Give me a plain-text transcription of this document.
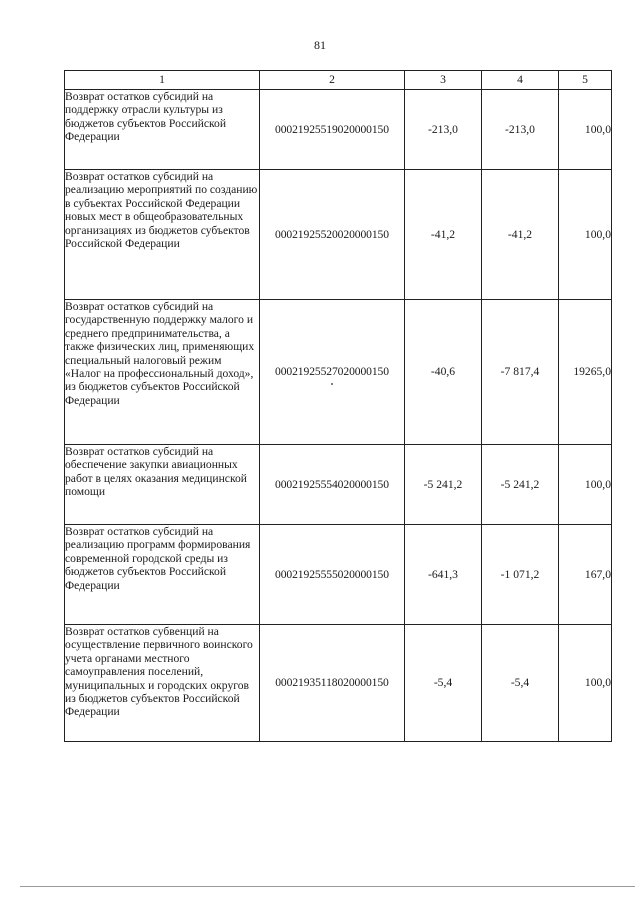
81
1	2	3	4	5
Возврат остатков субсидий на поддержку отрасли культуры из бюджетов субъектов Российской Федерации	00021925519020000150	-213,0	-213,0	100,0
Возврат остатков субсидий на реализацию мероприятий по созданию в субъектах Российской Федерации новых мест в общеобразовательных организациях из бюджетов субъектов Российской Федерации	00021925520020000150	-41,2	-41,2	100,0
Возврат остатков субсидий на государственную поддержку малого и среднего предпринимательства, а также физических лиц, применяющих специальный налоговый режим «Налог на профессиональный доход», из бюджетов субъектов Российской Федерации	00021925527020000150	-40,6	-7 817,4	19265,0
Возврат остатков субсидий на обеспечение закупки авиационных работ в целях оказания медицинской помощи	00021925554020000150	-5 241,2	-5 241,2	100,0
Возврат остатков субсидий на реализацию программ формирования современной городской среды из бюджетов субъектов Российской Федерации	00021925555020000150	-641,3	-1 071,2	167,0
Возврат остатков субвенций на осуществление первичного воинского учета органами местного самоуправления поселений, муниципальных и городских округов из бюджетов субъектов Российской Федерации	00021935118020000150	-5,4	-5,4	100,0
